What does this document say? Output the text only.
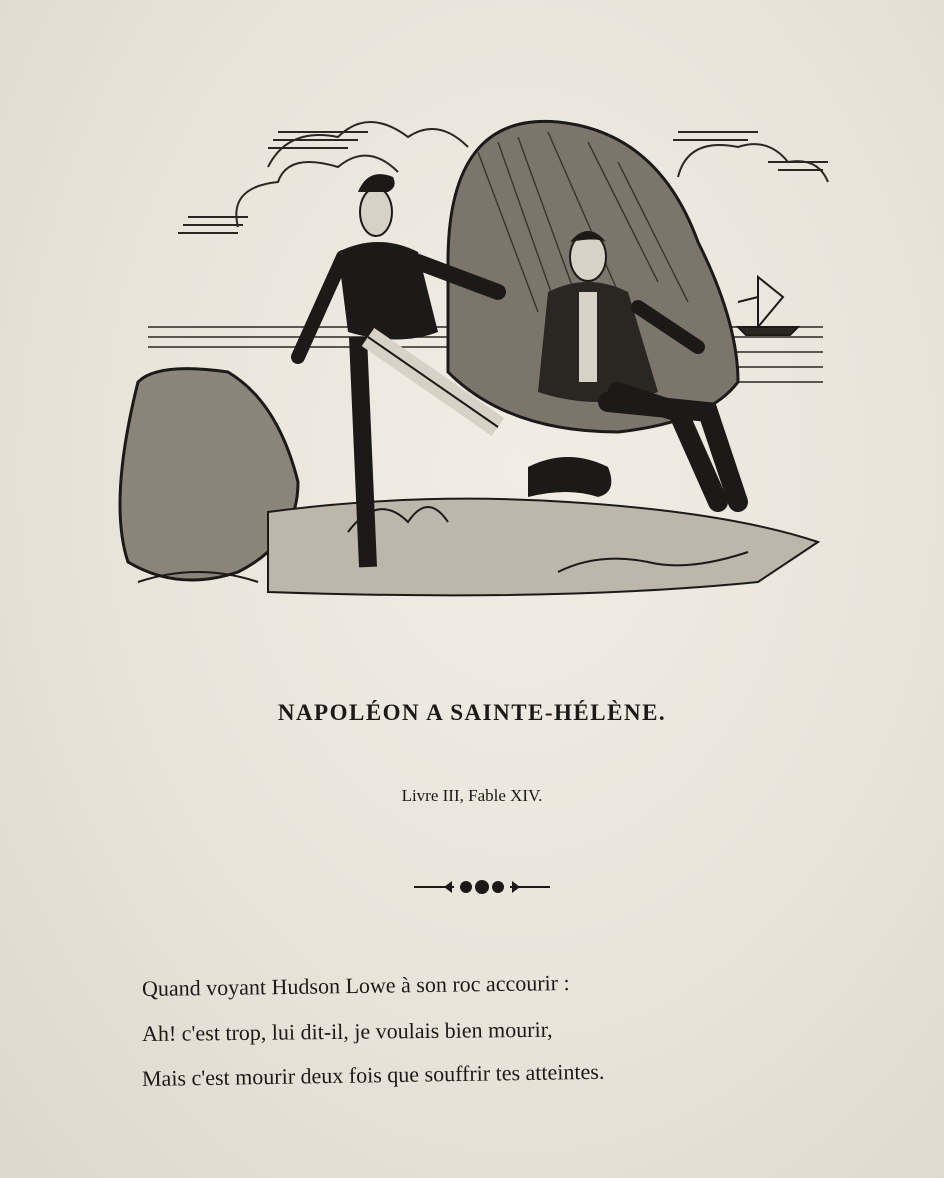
NAPOLÉON A SAINTE-HÉLÈNE.
Livre III, Fable XIV.
Quand voyant Hudson Lowe à son roc accourir :
Ah! c'est trop, lui dit-il, je voulais bien mourir,
Mais c'est mourir deux fois que souffrir tes atteintes.
